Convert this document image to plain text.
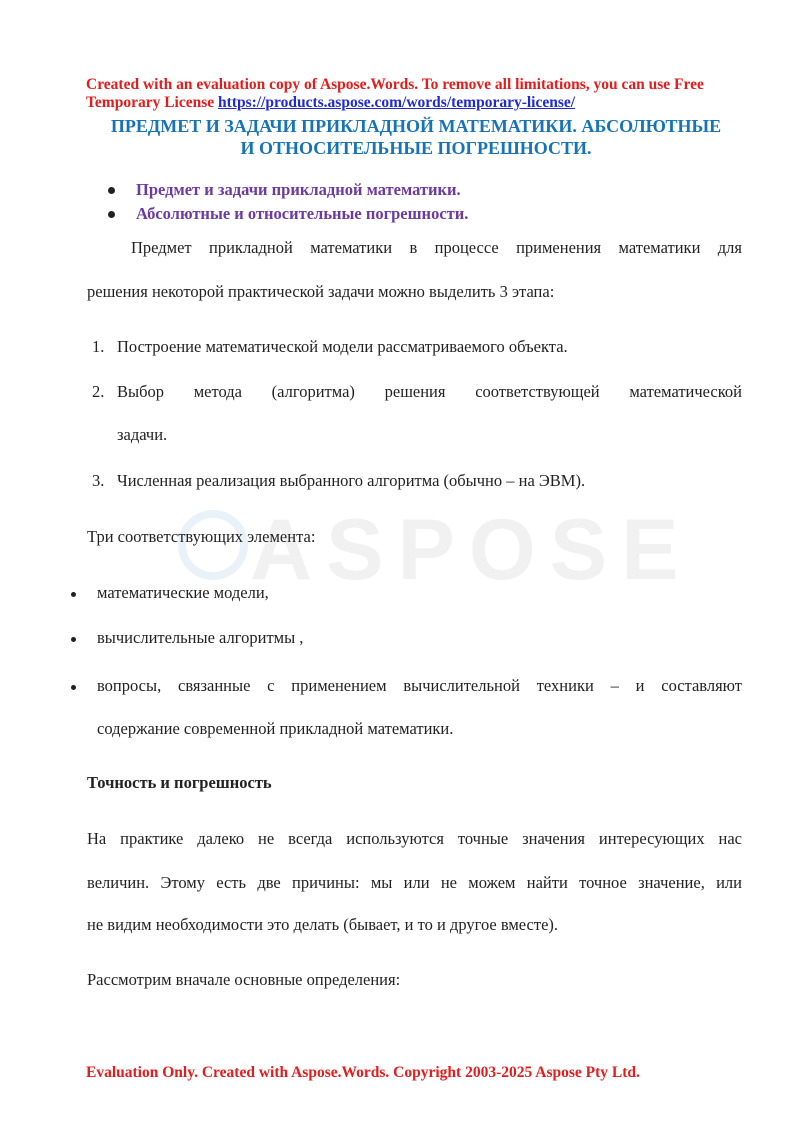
ASPOSE
Created with an evaluation copy of Aspose.Words. To remove all limitations, you can use Free
Temporary License https://products.aspose.com/words/temporary-license/
ПРЕДМЕТ И ЗАДАЧИ ПРИКЛАДНОЙ МАТЕМАТИКИ. АБСОЛЮТНЫЕ
И ОТНОСИТЕЛЬНЫЕ ПОГРЕШНОСТИ.
Предмет и задачи прикладной математики.
Абсолютные и относительные погрешности.
Предмет прикладной математики в процессе применения математики для
решения некоторой практической задачи можно выделить 3 этапа:
1. Построение математической модели рассматриваемого объекта.
2. Выбор метода (алгоритма) решения соответствующей математической
задачи.
3. Численная реализация выбранного алгоритма (обычно – на ЭВМ).
Три соответствующих элемента:
математические модели,
вычислительные алгоритмы ,
вопросы, связанные с применением вычислительной техники – и составляют
содержание современной прикладной математики.
Точность и погрешность
На практике далеко не всегда используются точные значения интересующих нас
величин. Этому есть две причины: мы или не можем найти точное значение, или
не видим необходимости это делать (бывает, и то и другое вместе).
Рассмотрим вначале основные определения:
Evaluation Only. Created with Aspose.Words. Copyright 2003-2025 Aspose Pty Ltd.
